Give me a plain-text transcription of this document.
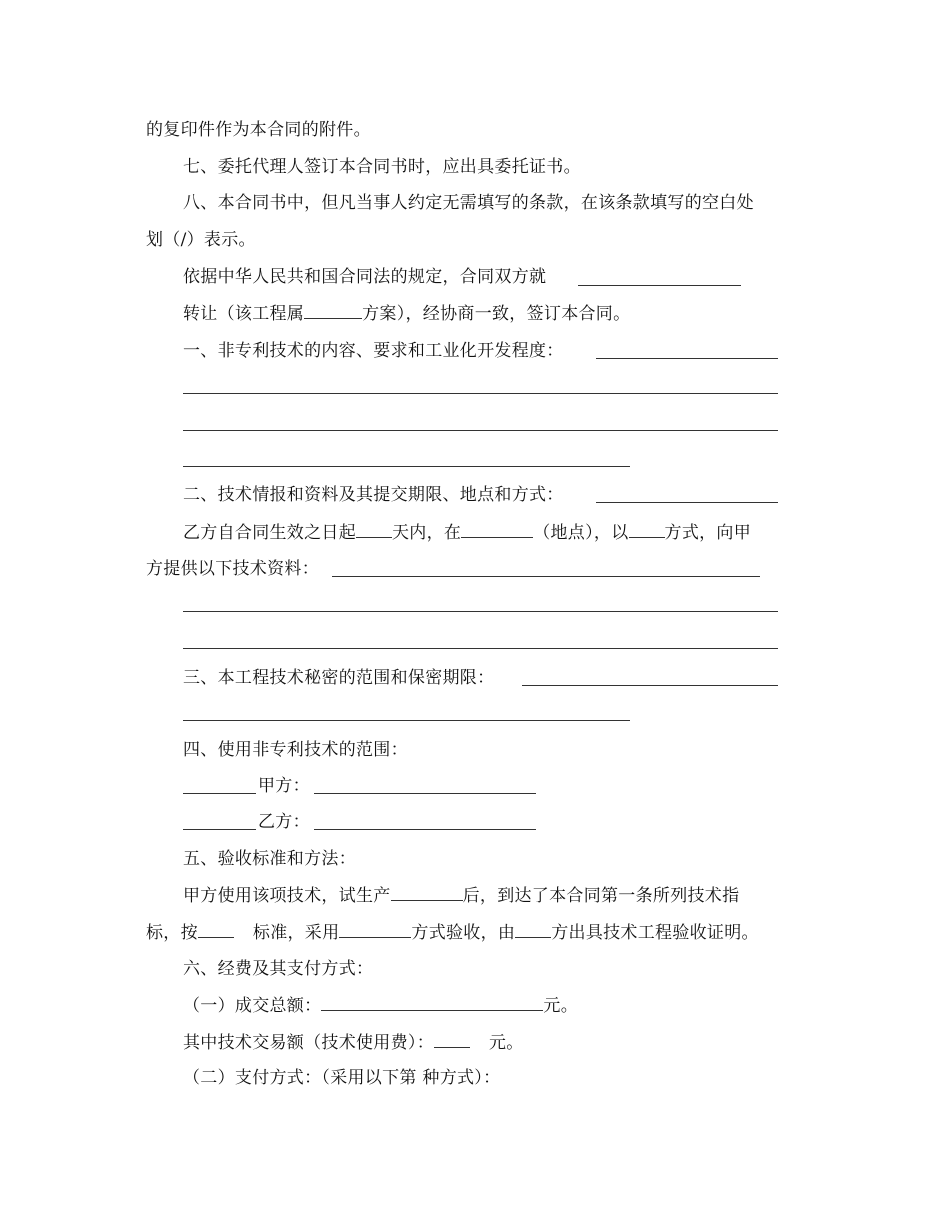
的复印件作为本合同的附件。
七、委托代理人签订本合同书时，应出具委托证书。
八、本合同书中，但凡当事人约定无需填写的条款，在该条款填写的空白处
划（/）表示。
依据中华人民共和国合同法的规定，合同双方就
转让（该工程属	方案），经协商一致，签订本合同。
一、非专利技术的内容、要求和工业化开发程度：
二、技术情报和资料及其提交期限、地点和方式：
乙方自合同生效之日起 天内，在	（地点），以 方式，向甲
方提供以下技术资料：
三、本工程技术秘密的范围和保密期限：
四、使用非专利技术的范围：
甲方：
乙方：
五、验收标准和方法：
甲方使用该项技术，试生产	后，到达了本合同第一条所列技术指
标，按	标准，采用	方式验收，由 方出具技术工程验收证明。
六、经费及其支付方式：
（一）成交总额：	元。
其中技术交易额（技术使用费）：	元。
（二）支付方式：（采用以下第 种方式）：
